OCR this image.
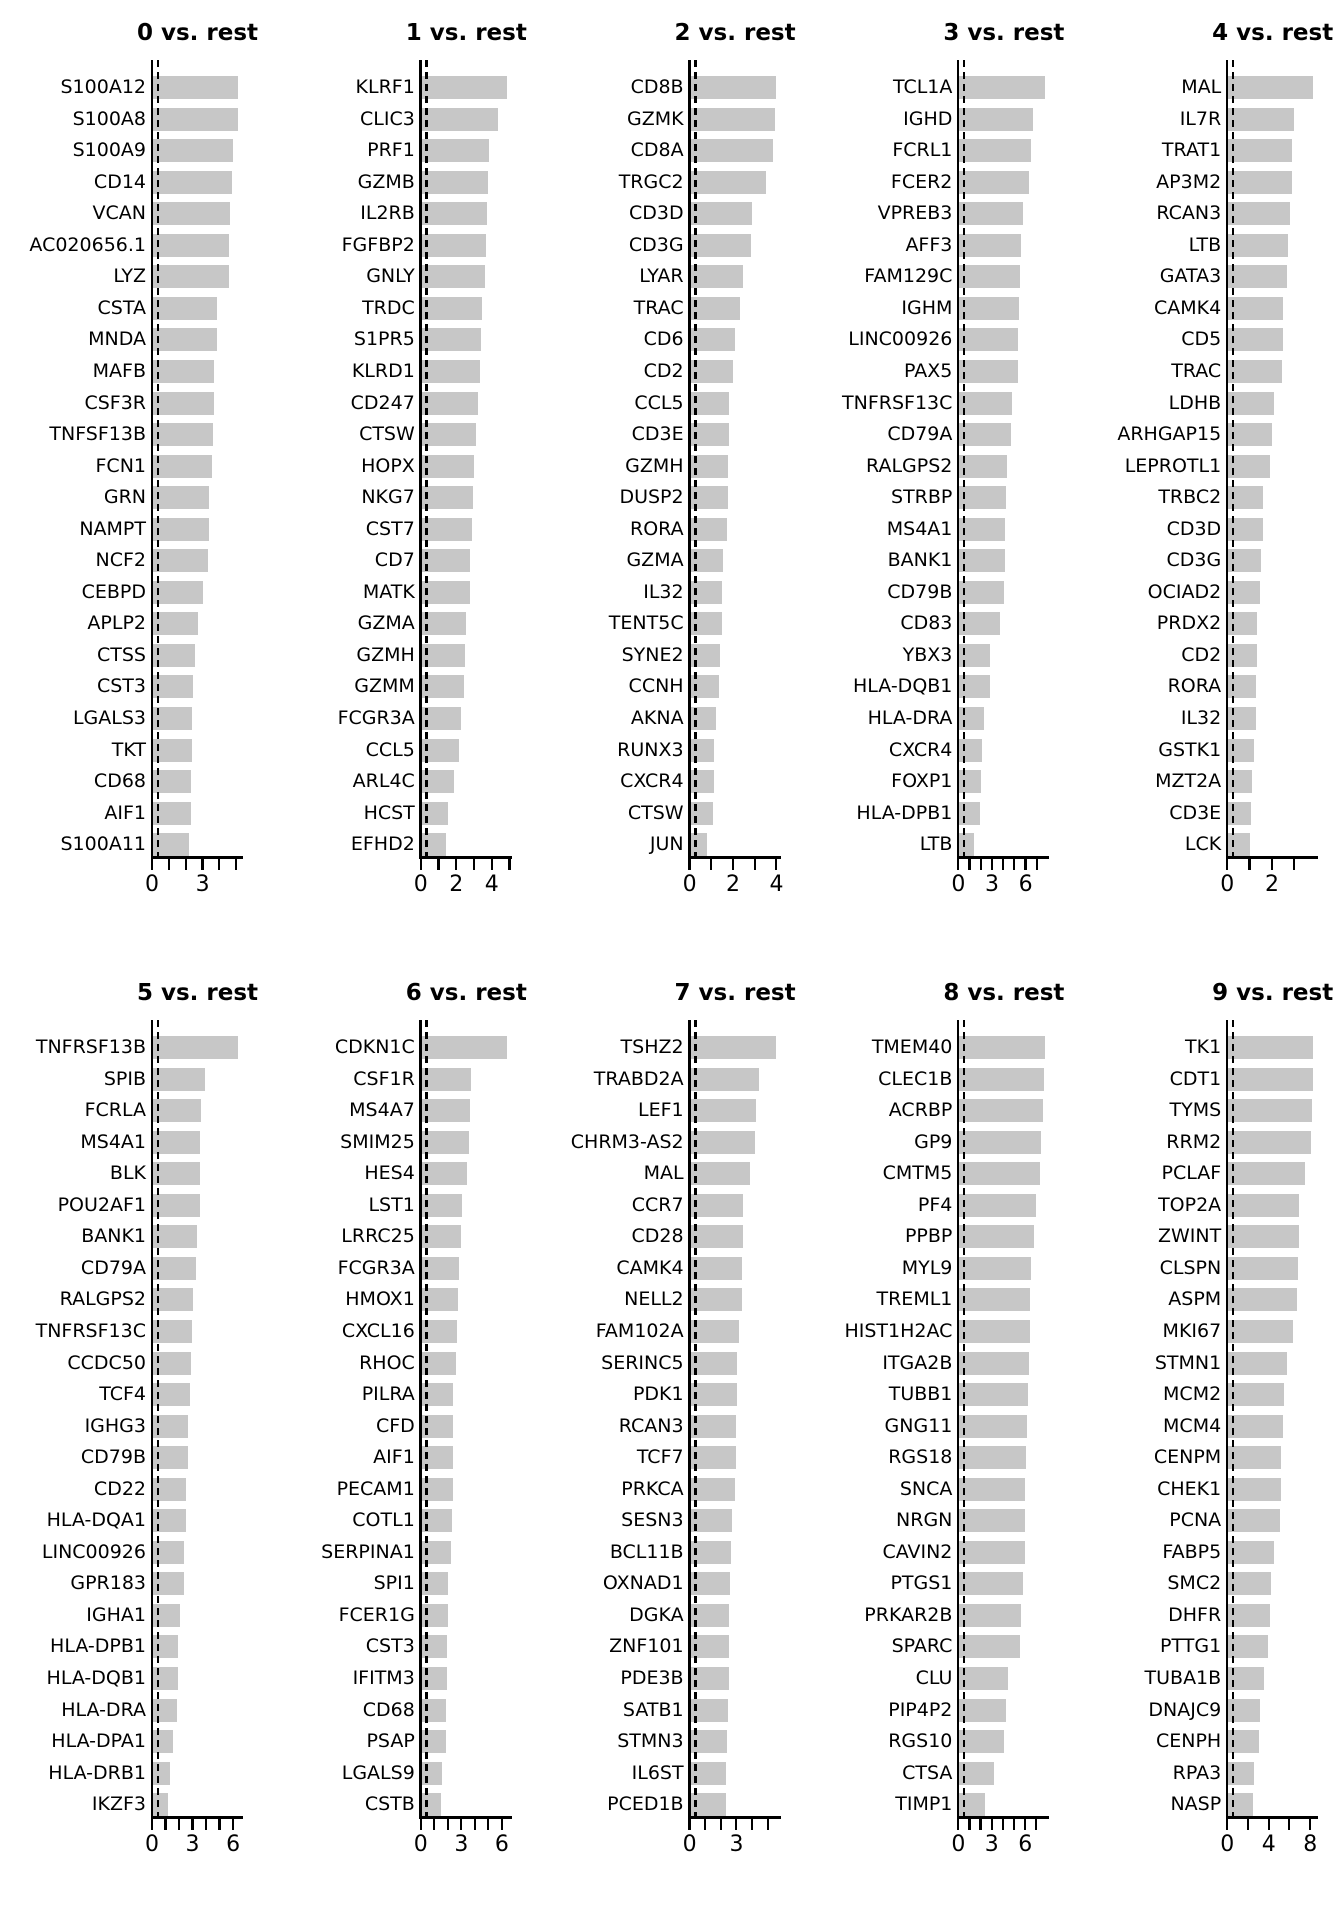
0 vs. rest
S100A12
S100A8
S100A9
CD14
VCAN
AC020656.1
LYZ
CSTA
MNDA
MAFB
CSF3R
TNFSF13B
FCN1
GRN
NAMPT
NCF2
CEBPD
APLP2
CTSS
CST3
LGALS3
TKT
CD68
AIF1
S100A11
0	3
1 vs. rest
KLRF1
CLIC3
PRF1
GZMB
IL2RB
FGFBP2
GNLY
TRDC
S1PR5
KLRD1
CD247
CTSW
HOPX
NKG7
CST7
CD7
MATK
GZMA
GZMH
GZMM
FCGR3A
CCL5
ARL4C
HCST
EFHD2
0 2 4
2 vs. rest
CD8B
GZMK
CD8A
TRGC2
CD3D
CD3G
LYAR
TRAC
CD6
CD2
CCL5
CD3E
GZMH
DUSP2
RORA
GZMA
IL32
TENT5C
SYNE2
CCNH
AKNA
RUNX3
CXCR4
CTSW
JUN
0	2	4
3 vs. rest
TCL1A
IGHD
FCRL1
FCER2
VPREB3
AFF3
FAM129C
IGHM
LINC00926
PAX5
TNFRSF13C
CD79A
RALGPS2
STRBP
MS4A1
BANK1
CD79B
CD83
YBX3
HLA-DQB1
HLA-DRA
CXCR4
FOXP1
HLA-DPB1
LTB
0 3 6
4 vs. rest
MAL
IL7R
TRAT1
AP3M2
RCAN3
LTB
GATA3
CAMK4
CD5
TRAC
LDHB
ARHGAP15
LEPROTL1
TRBC2
CD3D
CD3G
OCIAD2
PRDX2
CD2
RORA
IL32
GSTK1
MZT2A
CD3E
LCK
0	2
5 vs. rest
TNFRSF13B
SPIB
FCRLA
MS4A1
BLK
POU2AF1
BANK1
CD79A
RALGPS2
TNFRSF13C
CCDC50
TCF4
IGHG3
CD79B
CD22
HLA-DQA1
LINC00926
GPR183
IGHA1
HLA-DPB1
HLA-DQB1
HLA-DRA
HLA-DPA1
HLA-DRB1
IKZF3
0	3	6
6 vs. rest
CDKN1C
CSF1R
MS4A7
SMIM25
HES4
LST1
LRRC25
FCGR3A
HMOX1
CXCL16
RHOC
PILRA
CFD
AIF1
PECAM1
COTL1
SERPINA1
SPI1
FCER1G
CST3
IFITM3
CD68
PSAP
LGALS9
CSTB
0	3	6
7 vs. rest
TSHZ2
TRABD2A
LEF1
CHRM3-AS2
MAL
CCR7
CD28
CAMK4
NELL2
FAM102A
SERINC5
PDK1
RCAN3
TCF7
PRKCA
SESN3
BCL11B
OXNAD1
DGKA
ZNF101
PDE3B
SATB1
STMN3
IL6ST
PCED1B
0	3
8 vs. rest
TMEM40
CLEC1B
ACRBP
GP9
CMTM5
PF4
PPBP
MYL9
TREML1
HIST1H2AC
ITGA2B
TUBB1
GNG11
RGS18
SNCA
NRGN
CAVIN2
PTGS1
PRKAR2B
SPARC
CLU
PIP4P2
RGS10
CTSA
TIMP1
0 3 6
9 vs. rest
TK1
CDT1
TYMS
RRM2
PCLAF
TOP2A
ZWINT
CLSPN
ASPM
MKI67
STMN1
MCM2
MCM4
CENPM
CHEK1
PCNA
FABP5
SMC2
DHFR
PTTG1
TUBA1B
DNAJC9
CENPH
RPA3
NASP
0	4	8
